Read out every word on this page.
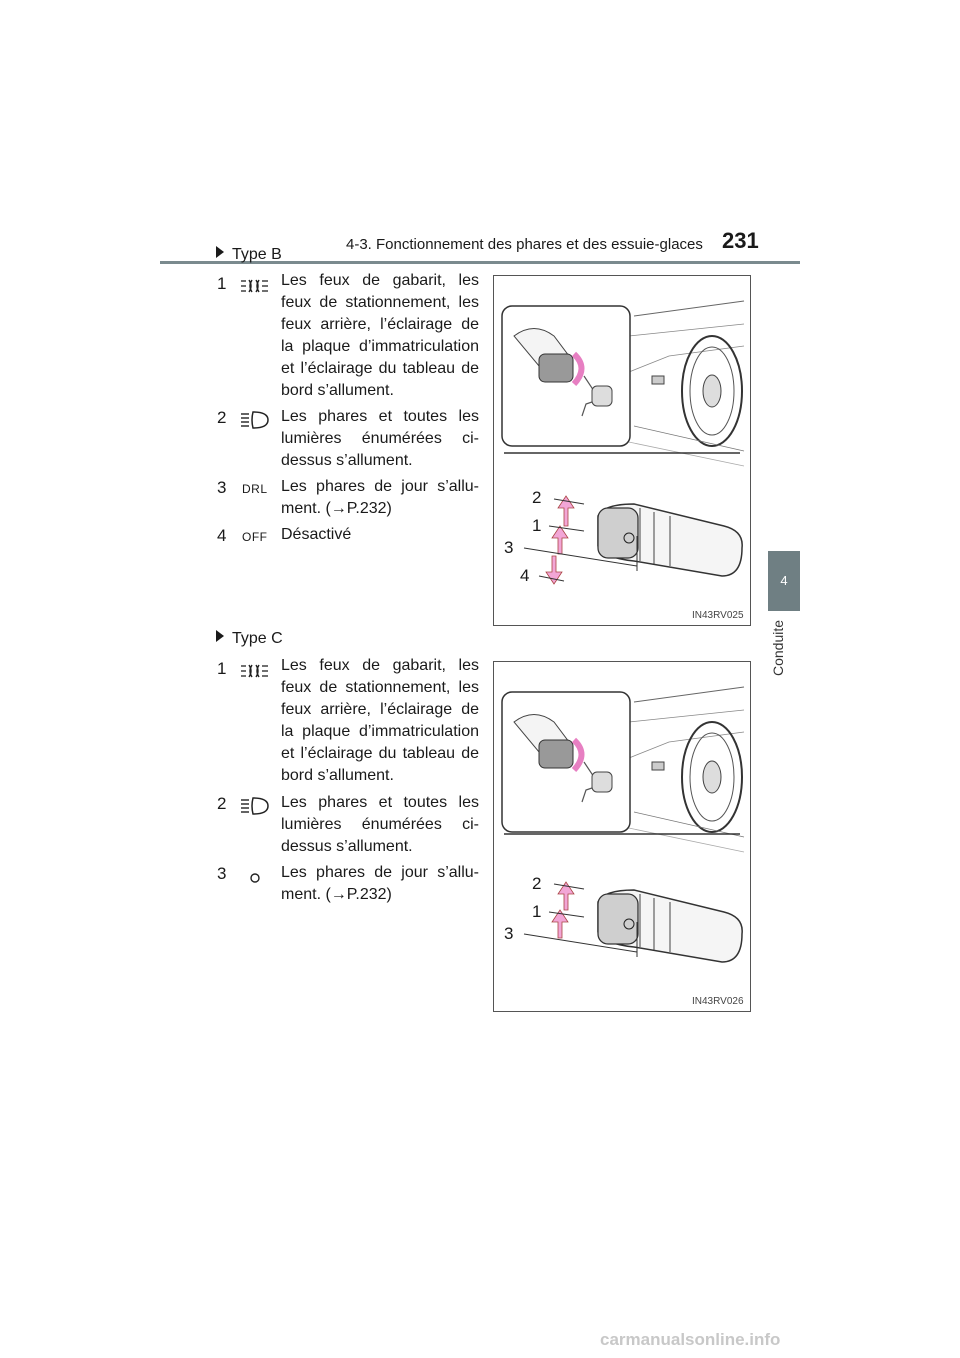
4-3. Fonctionnement des phares et des essuie-glaces 231
4
Conduite
Type B
1	Les feux de gabarit, les feux de stationnement, les feux arrière, l’éclairage de la plaque d’immatriculation et l’éclairage du tableau de bord s’allument.
2	Les phares et toutes les lumières énumérées ci-dessus s’allument.
3 DRL Les phares de jour s’allu-ment. (→P.232)
4 OFF Désactivé
2
1
3
4
IN43RV025
Type C
1	Les feux de gabarit, les feux de stationnement, les feux arrière, l’éclairage de la plaque d’immatriculation et l’éclairage du tableau de bord s’allument.
2	Les phares et toutes les lumières énumérées ci-dessus s’allument.
3	Les phares de jour s’allu-ment. (→P.232)
2
1
3
IN43RV026
carmanualsonline.info
